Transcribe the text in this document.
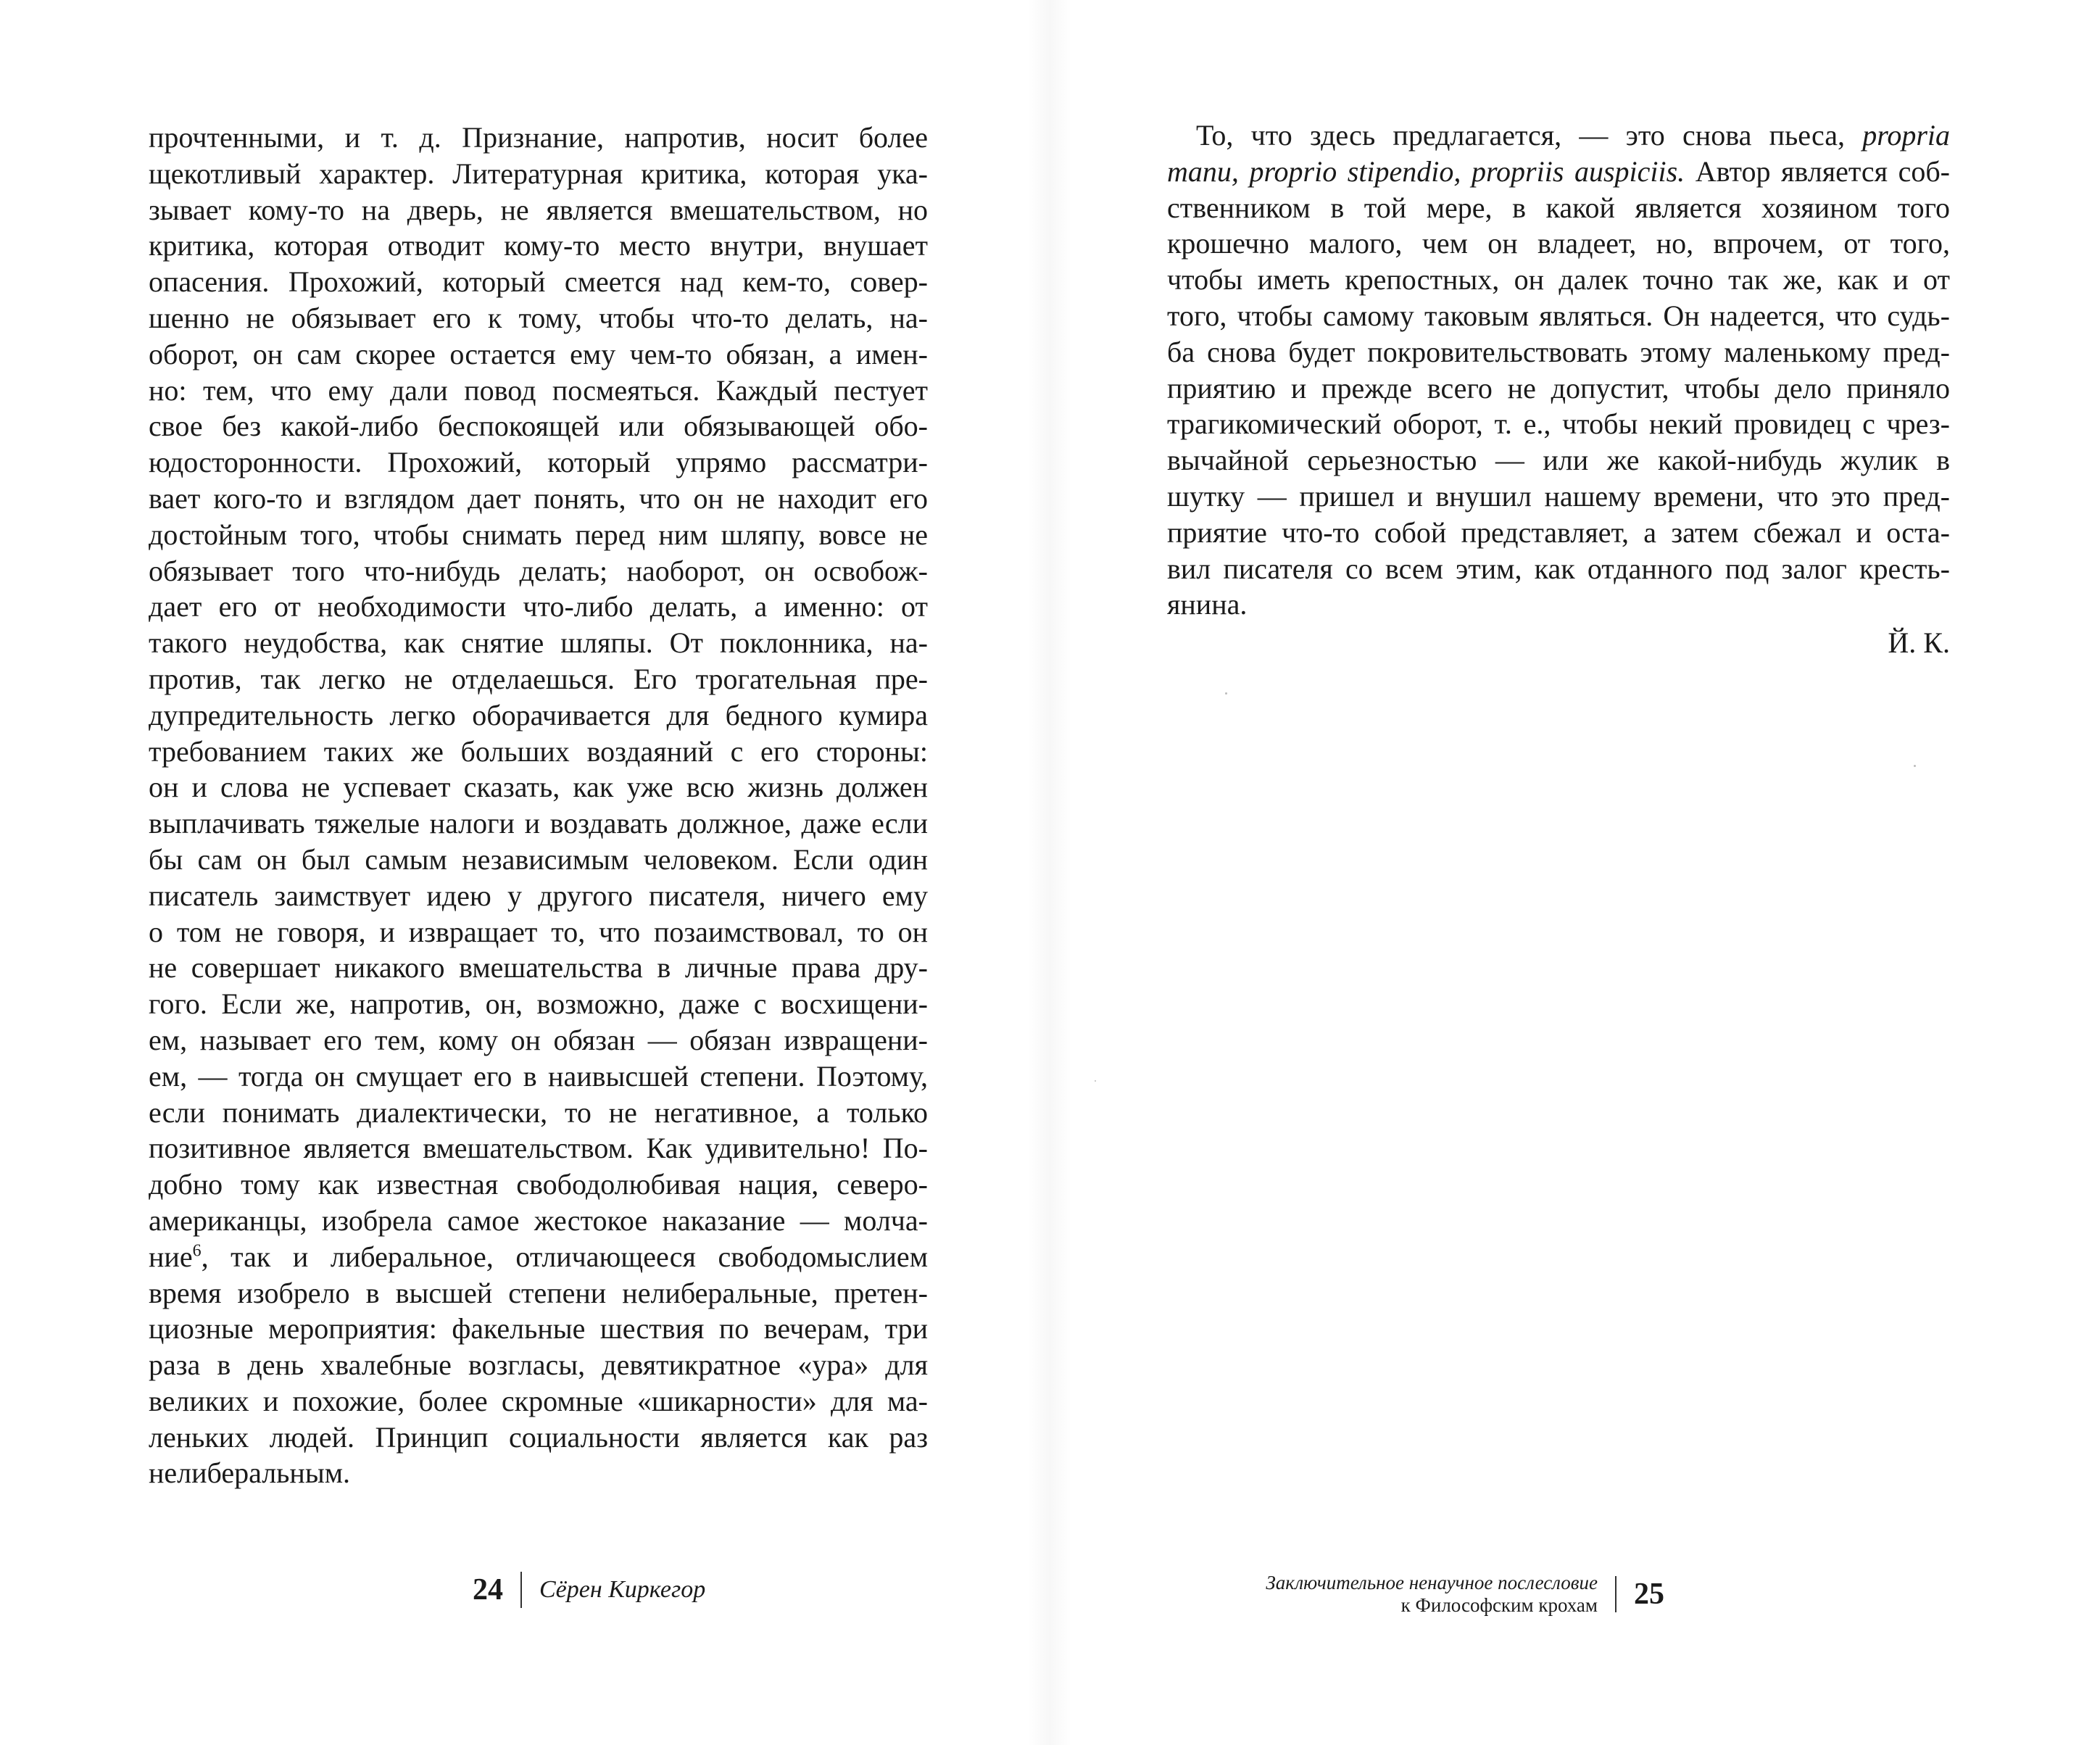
прочтенными, и т. д. Признание, напротив, носит более
щекотливый характер. Литературная критика, которая ука-
зывает кому-то на дверь, не является вмешательством, но
критика, которая отводит кому-то место внутри, внушает
опасения. Прохожий, который смеется над кем-то, совер-
шенно не обязывает его к тому, чтобы что-то делать, на-
оборот, он сам скорее остается ему чем-то обязан, а имен-
но: тем, что ему дали повод посмеяться. Каждый пестует
свое без какой-либо беспокоящей или обязывающей обо-
юдосторонности. Прохожий, который упрямо рассматри-
вает кого-то и взглядом дает понять, что он не находит его
достойным того, чтобы снимать перед ним шляпу, вовсе не
обязывает того что-нибудь делать; наоборот, он освобож-
дает его от необходимости что-либо делать, а именно: от
такого неудобства, как снятие шляпы. От поклонника, на-
против, так легко не отделаешься. Его трогательная пре-
дупредительность легко оборачивается для бедного кумира
требованием таких же больших воздаяний с его стороны:
он и слова не успевает сказать, как уже всю жизнь должен
выплачивать тяжелые налоги и воздавать должное, даже если
бы сам он был самым независимым человеком. Если один
писатель заимствует идею у другого писателя, ничего ему
о том не говоря, и извращает то, что позаимствовал, то он
не совершает никакого вмешательства в личные права дру-
гого. Если же, напротив, он, возможно, даже с восхищени-
ем, называет его тем, кому он обязан — обязан извращени-
ем, — тогда он смущает его в наивысшей степени. Поэтому,
если понимать диалектически, то не негативное, а только
позитивное является вмешательством. Как удивительно! По-
добно тому как известная свободолюбивая нация, северо-
американцы, изобрела самое жестокое наказание — молча-
ние$^6$, так и либеральное, отличающееся свободомыслием
время изобрело в высшей степени нелиберальные, претен-
циозные мероприятия: факельные шествия по вечерам, три
раза в день хвалебные возгласы, девятикратное «ура» для
великих и похожие, более скромные «шикарности» для ма-
леньких людей. Принцип социальности является как раз
нелиберальным.
24 Сёрен Киркегор
То, что здесь предлагается, — это снова пьеса, propria
manu, proprio stipendio, propriis auspiciis. Автор является соб-
ственником в той мере, в какой является хозяином того
крошечно малого, чем он владеет, но, впрочем, от того,
чтобы иметь крепостных, он далек точно так же, как и от
того, чтобы самому таковым являться. Он надеется, что судь-
ба снова будет покровительствовать этому маленькому пред-
приятию и прежде всего не допустит, чтобы дело приняло
трагикомический оборот, т. е., чтобы некий провидец с чрез-
вычайной серьезностью — или же какой-нибудь жулик в
шутку — пришел и внушил нашему времени, что это пред-
приятие что-то собой представляет, а затем сбежал и оста-
вил писателя со всем этим, как отданного под залог кресть-
янина.
Й. К.
Заключительное ненаучное послесловие
к Философским крохам 25
